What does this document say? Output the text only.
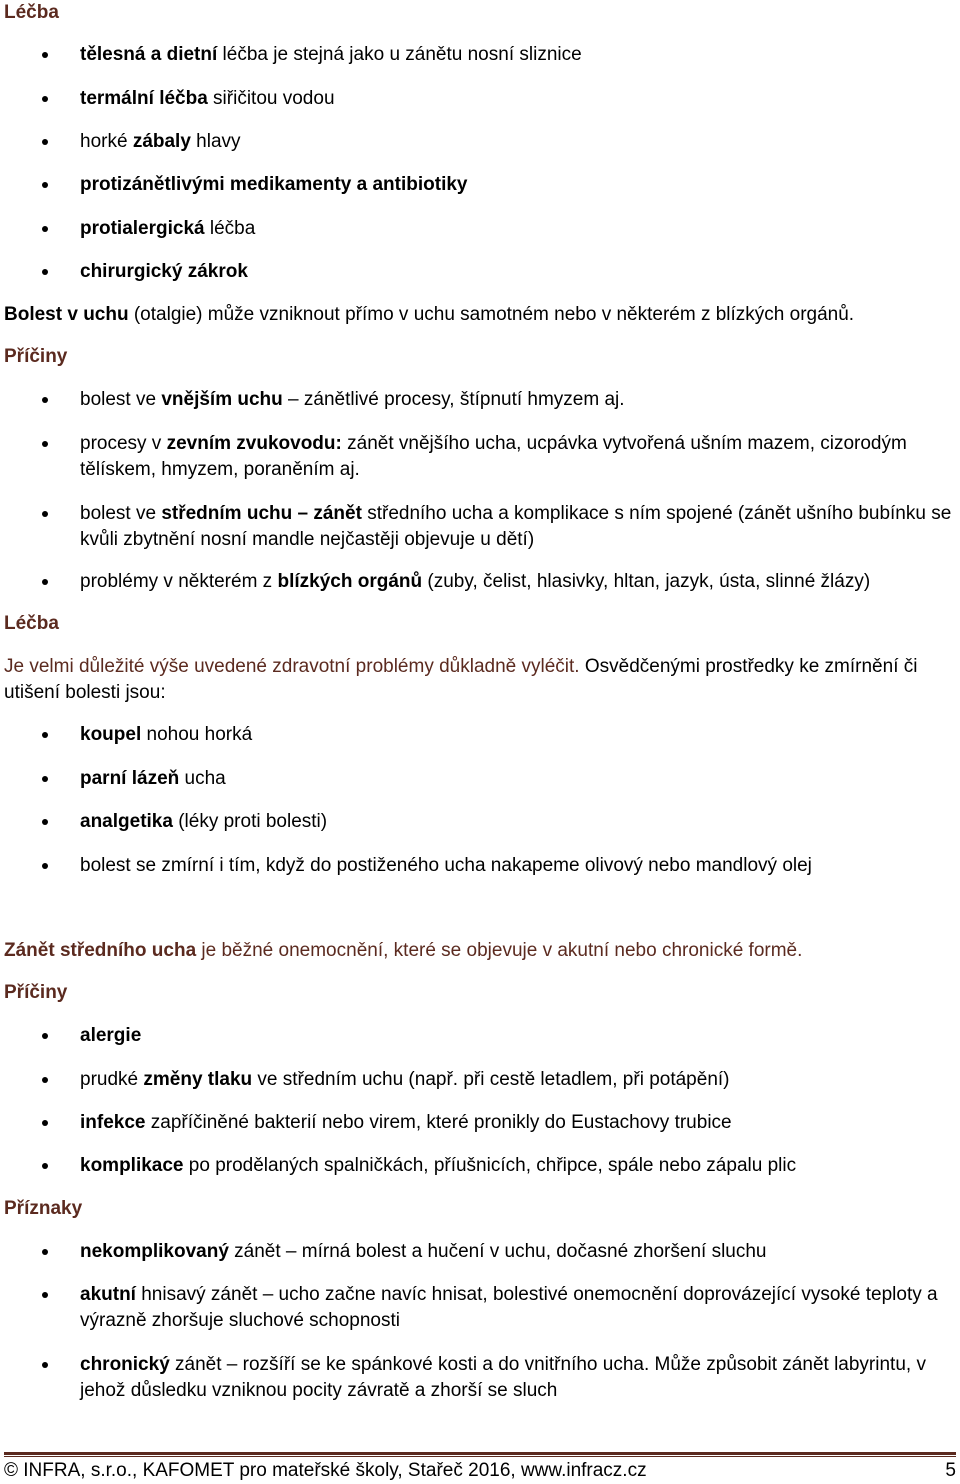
Léčba

tělesná a dietní léčba je stejná jako u zánětu nosní sliznice

termální léčba siřičitou vodou

horké zábaly hlavy

protizánětlivými medikamenty a antibiotiky

protialergická léčba

chirurgický zákrok

Bolest v uchu (otalgie) může vzniknout přímo v uchu samotném nebo v některém z blízkých orgánů.

Příčiny

bolest ve vnějším uchu – zánětlivé procesy, štípnutí hmyzem aj.

procesy v zevním zvukovodu: zánět vnějšího ucha, ucpávka vytvořená ušním mazem, cizorodým tělískem, hmyzem, poraněním aj.

bolest ve středním uchu – zánět středního ucha a komplikace s ním spojené (zánět ušního bubínku se kvůli zbytnění nosní mandle nejčastěji objevuje u dětí)

problémy v některém z blízkých orgánů (zuby, čelist, hlasivky, hltan, jazyk, ústa, slinné žlázy)

Léčba

Je velmi důležité výše uvedené zdravotní problémy důkladně vyléčit. Osvědčenými prostředky ke zmírnění či utišení bolesti jsou:

koupel nohou horká

parní lázeň ucha

analgetika (léky proti bolesti)

bolest se zmírní i tím, když do postiženého ucha nakapeme olivový nebo mandlový olej

Zánět středního ucha je běžné onemocnění, které se objevuje v akutní nebo chronické formě.

Příčiny

alergie

prudké změny tlaku ve středním uchu (např. při cestě letadlem, při potápění)

infekce zapříčiněné bakterií nebo virem, které pronikly do Eustachovy trubice

komplikace po prodělaných spalničkách, příušnicích, chřipce, spále nebo zápalu plic

Příznaky

nekomplikovaný zánět – mírná bolest a hučení v uchu, dočasné zhoršení sluchu

akutní hnisavý zánět – ucho začne navíc hnisat, bolestivé onemocnění doprovázející vysoké teploty a výrazně zhoršuje sluchové schopnosti

chronický zánět – rozšíří se ke spánkové kosti a do vnitřního ucha. Může způsobit zánět labyrintu, v jehož důsledku vzniknou pocity závratě a zhorší se sluch

© INFRA, s.r.o., KAFOMET pro mateřské školy, Stařeč 2016, www.infracz.cz	5
